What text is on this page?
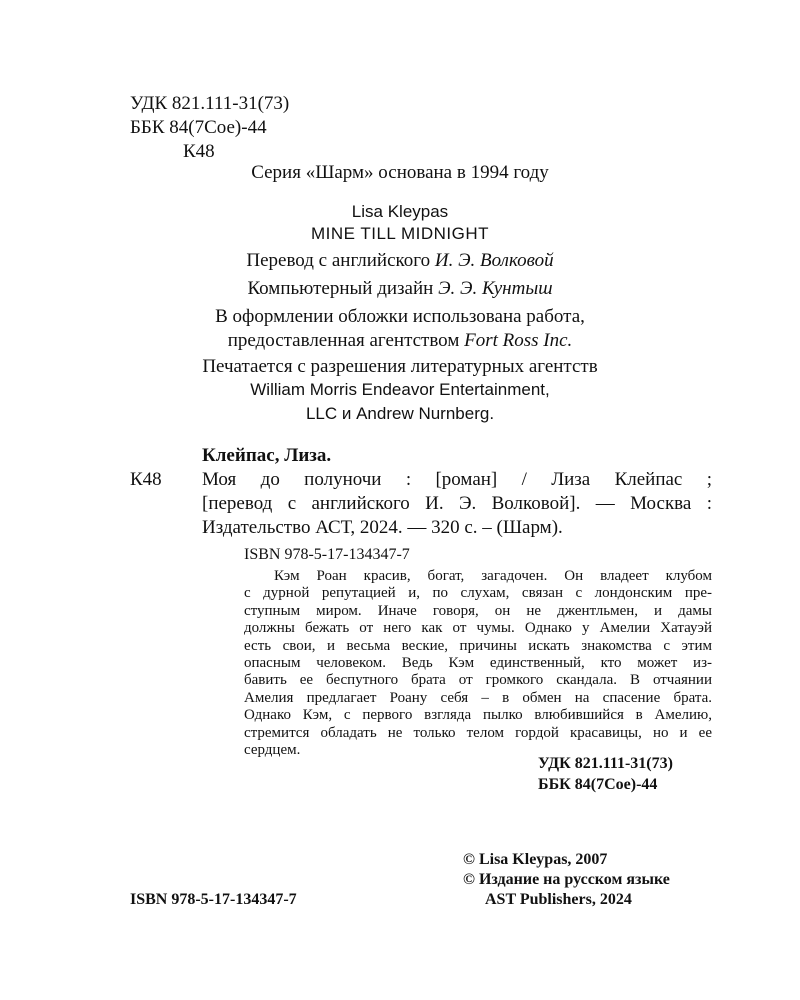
УДК 821.111-31(73)
ББК 84(7Сое)-44
К48
Серия «Шарм» основана в 1994 году
Lisa Kleypas
MINE TILL MIDNIGHT
Перевод с английского И. Э. Волковой
Компьютерный дизайн Э. Э. Кунтыш
В оформлении обложки использована работа,
предоставленная агентством Fort Ross Inc.
Печатается с разрешения литературных агентств
William Morris Endeavor Entertainment,
LLC и Andrew Nurnberg.
Клейпас, Лиза.
К48 Моя до полуночи : [роман] / Лиза Клейпас ;
[перевод с английского И. Э. Волковой]. — Москва :
Издательство АСТ, 2024. — 320 с. – (Шарм).
ISBN 978-5-17-134347-7

Кэм Роан красив, богат, загадочен. Он владеет клубом

с дурной репутацией и, по слухам, связан с лондонским пре-

ступным миром. Иначе говоря, он не джентльмен, и дамы

должны бежать от него как от чумы. Однако у Амелии Хатауэй

есть свои, и весьма веские, причины искать знакомства с этим

опасным человеком. Ведь Кэм единственный, кто может из-

бавить ее беспутного брата от громкого скандала. В отчаянии

Амелия предлагает Роану себя – в обмен на спасение брата.

Однако Кэм, с первого взгляда пылко влюбившийся в Амелию,

стремится обладать не только телом гордой красавицы, но и ее

сердцем.

УДК 821.111-31(73)
ББК 84(7Сое)-44
ISBN 978-5-17-134347-7
© Lisa Kleypas, 2007
© Издание на русском языке
AST Publishers, 2024
